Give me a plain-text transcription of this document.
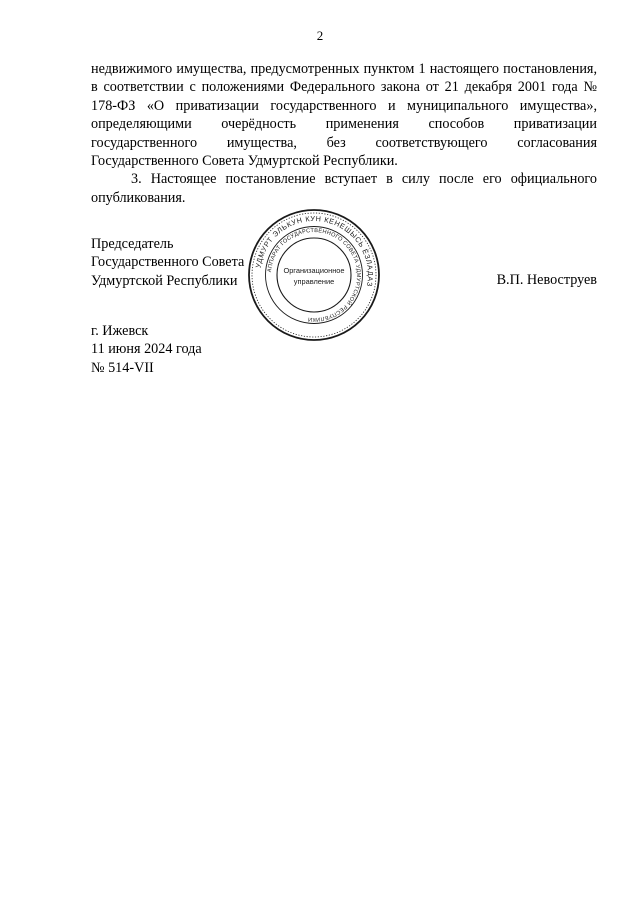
2

недвижимого имущества, предусмотренных пунктом 1 настоящего постановления, в соответствии с положениями Федерального закона от 21 декабря 2001 года № 178-ФЗ «О приватизации государственного и муниципального имущества», определяющими очерёдность применения способов приватизации государственного имущества, без соответствующего согласования Государственного Совета Удмуртской Республики.

3. Настоящее постановление вступает в силу после его официального опубликования.

Председатель
Государственного Совета
Удмуртской Республики	В.П. Невоструев
г. Ижевск
11 июня 2024 года
№ 514-VII
УДМУРТ ЭЛЬКУН КУН КЕНЕШЫСЬ ЁЗЛАДАЗ
АППАРАТ ГОСУДАРСТВЕННОГО СОВЕТА УДМУРТСКОЙ РЕСПУБЛИКИ
Организационное
управление
